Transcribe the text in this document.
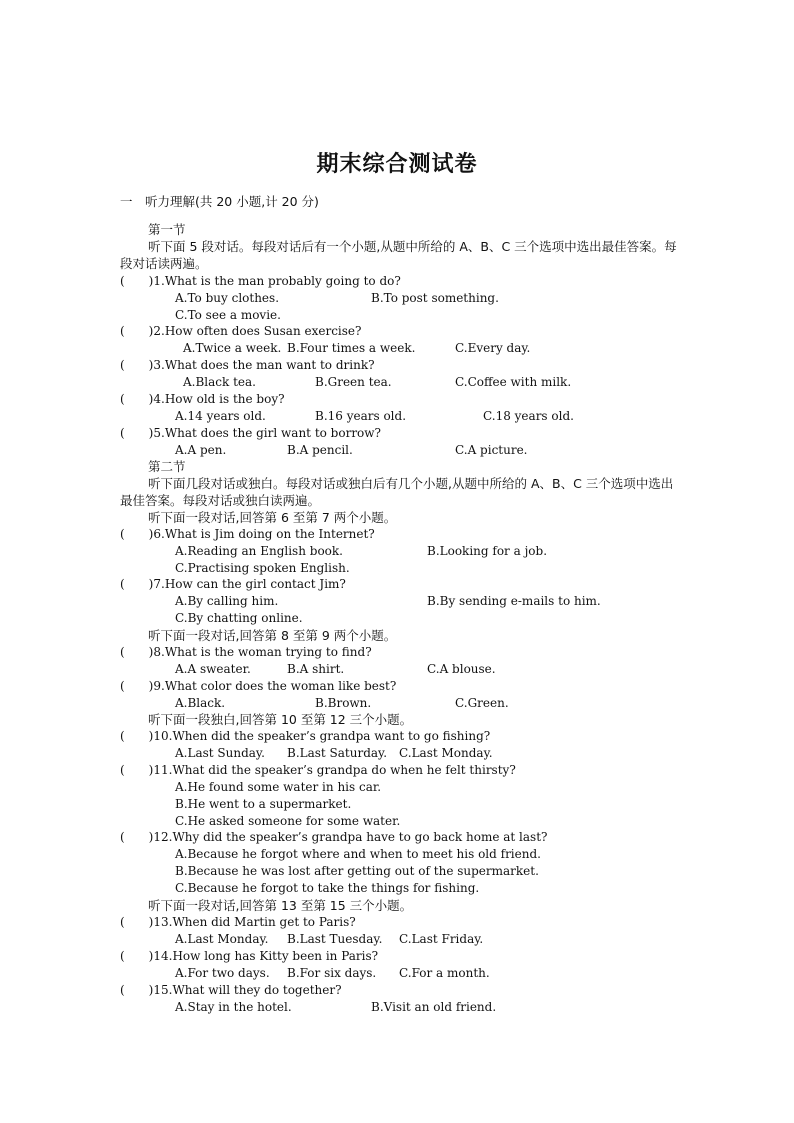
期末综合测试卷
一　听力理解(共 20 小题,计 20 分)
第一节
听下面 5 段对话。每段对话后有一个小题,从题中所给的 A、B、C 三个选项中选出最佳答案。每段对话读两遍。
(　　)1.What is the man probably going to do?
A.To buy clothes.	B.To post something.
C.To see a movie.
(　　)2.How often does Susan exercise?
A.Twice a week. B.Four times a week.	C.Every day.
(　　)3.What does the man want to drink?
A.Black tea.	B.Green tea.	C.Coffee with milk.
(　　)4.How old is the boy?
A.14 years old.	B.16 years old.	C.18 years old.
(　　)5.What does the girl want to borrow?
A.A pen.	B.A pencil.	C.A picture.
第二节
听下面几段对话或独白。每段对话或独白后有几个小题,从题中所给的 A、B、C 三个选项中选出最佳答案。每段对话或独白读两遍。
听下面一段对话,回答第 6 至第 7 两个小题。
(　　)6.What is Jim doing on the Internet?
A.Reading an English book.	B.Looking for a job.
C.Practising spoken English.
(　　)7.How can the girl contact Jim?
A.By calling him.	B.By sending e-mails to him.
C.By chatting online.
听下面一段对话,回答第 8 至第 9 两个小题。
(　　)8.What is the woman trying to find?
A.A sweater.	B.A shirt.	C.A blouse.
(　　)9.What color does the woman like best?
A.Black.	B.Brown.	C.Green.
听下面一段独白,回答第 10 至第 12 三个小题。
(　　)10.When did the speaker’s grandpa want to go fishing?
A.Last Sunday. B.Last Saturday. C.Last Monday.
(　　)11.What did the speaker’s grandpa do when he felt thirsty?
A.He found some water in his car.
B.He went to a supermarket.
C.He asked someone for some water.
(　　)12.Why did the speaker’s grandpa have to go back home at last?
A.Because he forgot where and when to meet his old friend.
B.Because he was lost after getting out of the supermarket.
C.Because he forgot to take the things for fishing.
听下面一段对话,回答第 13 至第 15 三个小题。
(　　)13.When did Martin get to Paris?
A.Last Monday. B.Last Tuesday. C.Last Friday.
(　　)14.How long has Kitty been in Paris?
A.For two days. B.For six days. C.For a month.
(　　)15.What will they do together?
A.Stay in the hotel.	B.Visit an old friend.
